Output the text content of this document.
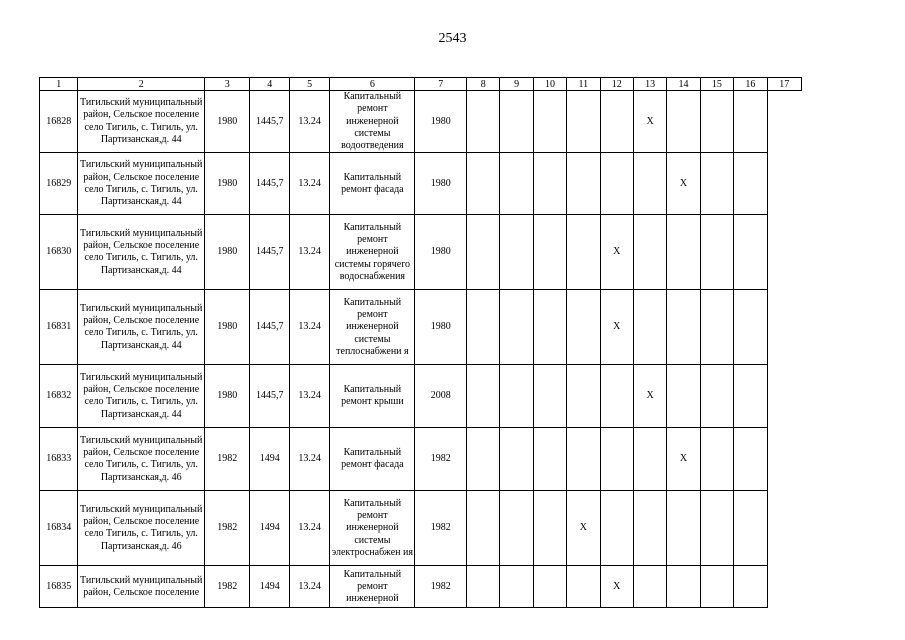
2543
1	2	3	4	5	6	7	8	9	10	11	12	13	14	15	16	17
16828	Тигильский муниципальный район, Сельское поселение село Тигиль, с. Тигиль, ул. Партизанская,д. 44	1980	1445,7	13.24	Капитальный ремонт инженерной системы водоотведения	1980						X				
16829	Тигильский муниципальный район, Сельское поселение село Тигиль, с. Тигиль, ул. Партизанская,д. 44	1980	1445,7	13.24	Капитальный ремонт фасада	1980							X			
16830	Тигильский муниципальный район, Сельское поселение село Тигиль, с. Тигиль, ул. Партизанская,д. 44	1980	1445,7	13.24	Капитальный ремонт инженерной системы горячего водоснабжения	1980					X					
16831	Тигильский муниципальный район, Сельское поселение село Тигиль, с. Тигиль, ул. Партизанская,д. 44	1980	1445,7	13.24	Капитальный ремонт инженерной системы теплоснабжени я	1980					X					
16832	Тигильский муниципальный район, Сельское поселение село Тигиль, с. Тигиль, ул. Партизанская,д. 44	1980	1445,7	13.24	Капитальный ремонт крыши	2008						X				
16833	Тигильский муниципальный район, Сельское поселение село Тигиль, с. Тигиль, ул. Партизанская,д. 46	1982	1494	13.24	Капитальный ремонт фасада	1982							X			
16834	Тигильский муниципальный район, Сельское поселение село Тигиль, с. Тигиль, ул. Партизанская,д. 46	1982	1494	13.24	Капитальный ремонт инженерной системы электроснабжен ия	1982				X						
16835	Тигильский муниципальный район, Сельское поселение	1982	1494	13.24	Капитальный ремонт инженерной	1982					X					
